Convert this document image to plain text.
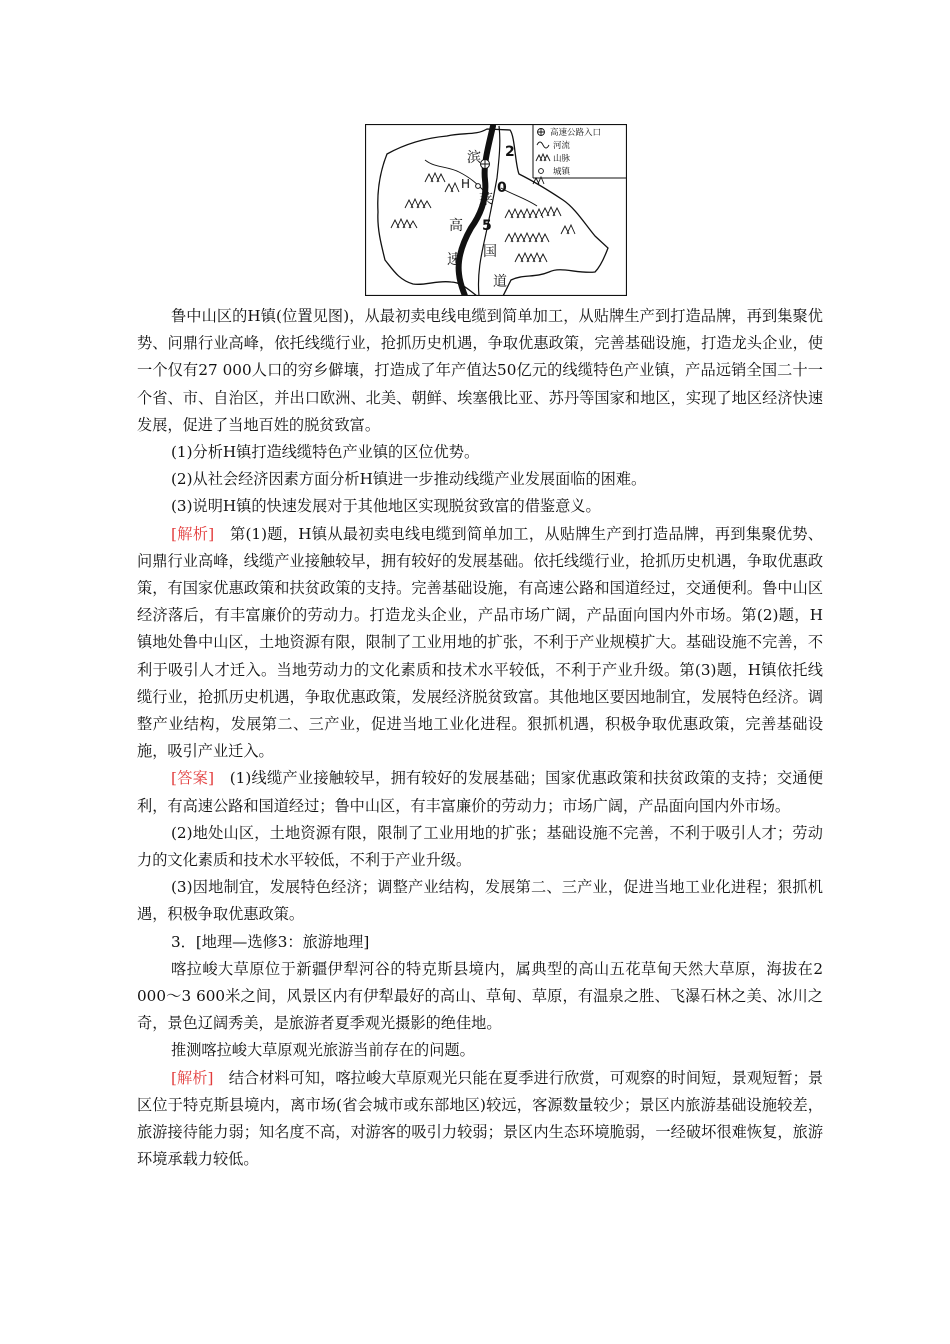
滨
H
莱
高
速
2
0
5
国
道
高速公路入口
河流
山脉
城镇

鲁中山区的H镇(位置见图)，从最初卖电线电缆到简单加工，从贴牌生产到打造品牌，再到集聚优势、问鼎行业高峰，依托线缆行业，抢抓历史机遇，争取优惠政策，完善基础设施，打造龙头企业，使一个仅有27 000人口的穷乡僻壤，打造成了年产值达50亿元的线缆特色产业镇，产品远销全国二十一个省、市、自治区，并出口欧洲、北美、朝鲜、埃塞俄比亚、苏丹等国家和地区，实现了地区经济快速发展，促进了当地百姓的脱贫致富。

(1)分析H镇打造线缆特色产业镇的区位优势。

(2)从社会经济因素方面分析H镇进一步推动线缆产业发展面临的困难。

(3)说明H镇的快速发展对于其他地区实现脱贫致富的借鉴意义。

[解析]　 第(1)题，H镇从最初卖电线电缆到简单加工，从贴牌生产到打造品牌，再到集聚优势、问鼎行业高峰，线缆产业接触较早，拥有较好的发展基础。依托线缆行业，抢抓历史机遇，争取优惠政策，有国家优惠政策和扶贫政策的支持。完善基础设施，有高速公路和国道经过，交通便利。鲁中山区经济落后，有丰富廉价的劳动力。打造龙头企业，产品市场广阔，产品面向国内外市场。第(2)题，H镇地处鲁中山区，土地资源有限，限制了工业用地的扩张，不利于产业规模扩大。基础设施不完善，不利于吸引人才迁入。当地劳动力的文化素质和技术水平较低，不利于产业升级。第(3)题，H镇依托线缆行业，抢抓历史机遇，争取优惠政策，发展经济脱贫致富。其他地区要因地制宜，发展特色经济。调整产业结构，发展第二、三产业，促进当地工业化进程。狠抓机遇，积极争取优惠政策，完善基础设施，吸引产业迁入。

[答案]　 (1)线缆产业接触较早，拥有较好的发展基础；国家优惠政策和扶贫政策的支持；交通便利，有高速公路和国道经过；鲁中山区，有丰富廉价的劳动力；市场广阔，产品面向国内外市场。

(2)地处山区，土地资源有限，限制了工业用地的扩张；基础设施不完善，不利于吸引人才；劳动力的文化素质和技术水平较低，不利于产业升级。

(3)因地制宜，发展特色经济；调整产业结构，发展第二、三产业，促进当地工业化进程；狠抓机遇，积极争取优惠政策。

3．[地理—选修3：旅游地理]

喀拉峻大草原位于新疆伊犁河谷的特克斯县境内，属典型的高山五花草甸天然大草原，海拔在2 000～3 600米之间，风景区内有伊犁最好的高山、草甸、草原，有温泉之胜、飞瀑石林之美、冰川之奇，景色辽阔秀美，是旅游者夏季观光摄影的绝佳地。

推测喀拉峻大草原观光旅游当前存在的问题。

[解析]　 结合材料可知，喀拉峻大草原观光只能在夏季进行欣赏，可观察的时间短，景观短暂；景区位于特克斯县境内，离市场(省会城市或东部地区)较远，客源数量较少；景区内旅游基础设施较差，旅游接待能力弱；知名度不高，对游客的吸引力较弱；景区内生态环境脆弱，一经破坏很难恢复，旅游环境承载力较低。
